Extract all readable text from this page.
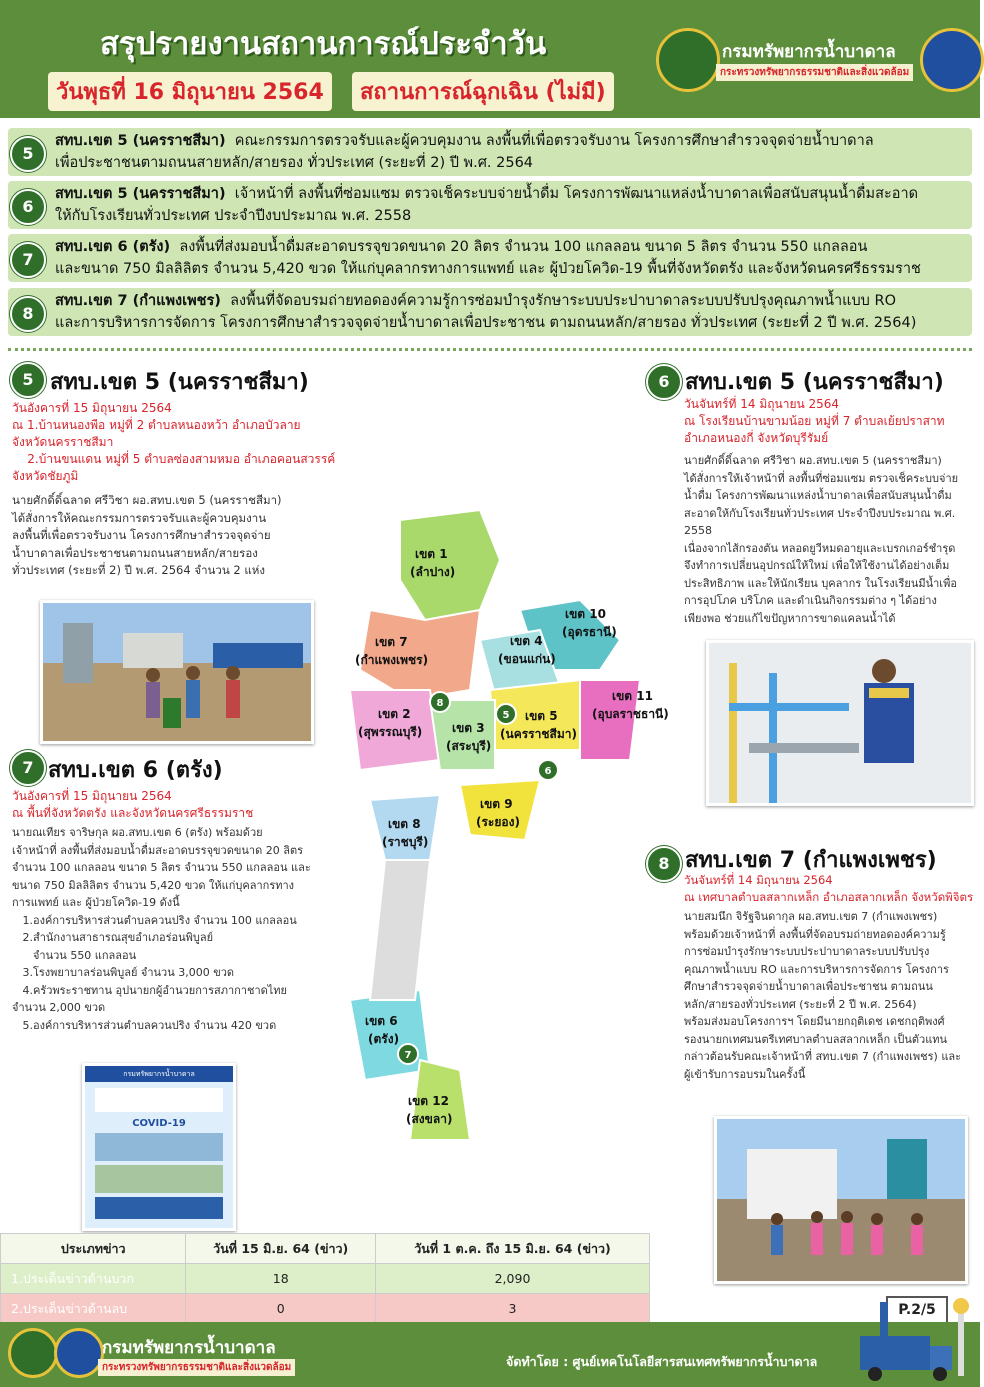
สรุปรายงานสถานการณ์ประจำวัน
วันพุธที่ 16 มิถุนายน 2564	สถานการณ์ฉุกเฉิน (ไม่มี)
กรมทรัพยากรน้ำบาดาล
กระทรวงทรัพยากรธรรมชาติและสิ่งแวดล้อม
5
สทบ.เขต 5 (นครราชสีมา) คณะกรรมการตรวจรับและผู้ควบคุมงาน ลงพื้นที่เพื่อตรวจรับงาน โครงการศึกษาสำรวจจุดจ่ายน้ำบาดาล
เพื่อประชาชนตามถนนสายหลัก/สายรอง ทั่วประเทศ (ระยะที่ 2) ปี พ.ศ. 2564
6
สทบ.เขต 5 (นครราชสีมา) เจ้าหน้าที่ ลงพื้นที่ซ่อมแซม ตรวจเช็คระบบจ่ายน้ำดื่ม โครงการพัฒนาแหล่งน้ำบาดาลเพื่อสนับสนุนน้ำดื่มสะอาด
ให้กับโรงเรียนทั่วประเทศ ประจำปีงบประมาณ พ.ศ. 2558
7
สทบ.เขต 6 (ตรัง) ลงพื้นที่ส่งมอบน้ำดื่มสะอาดบรรจุขวดขนาด 20 ลิตร จำนวน 100 แกลลอน ขนาด 5 ลิตร จำนวน 550 แกลลอน
และขนาด 750 มิลลิลิตร จำนวน 5,420 ขวด ให้แก่บุคลากรทางการแพทย์ และ ผู้ป่วยโควิด-19 พื้นที่จังหวัดตรัง และจังหวัดนครศรีธรรมราช
8
สทบ.เขต 7 (กำแพงเพชร) ลงพื้นที่จัดอบรมถ่ายทอดองค์ความรู้การซ่อมบำรุงรักษาระบบประปาบาดาลระบบปรับปรุงคุณภาพน้ำแบบ RO
และการบริหารการจัดการ โครงการศึกษาสำรวจจุดจ่ายน้ำบาดาลเพื่อประชาชน ตามถนนหลัก/สายรอง ทั่วประเทศ (ระยะที่ 2 ปี พ.ศ. 2564)
5 สทบ.เขต 5 (นครราชสีมา)
วันอังคารที่ 15 มิถุนายน 2564
ณ 1.บ้านหนองพือ หมู่ที่ 2 ตำบลหนองหว้า อำเภอบัวลาย
จังหวัดนครราชสีมา
2.บ้านขนแดน หมู่ที่ 5 ตำบลซ่องสามหมอ อำเภอคอนสวรรค์
จังหวัดชัยภูมิ
นายศักดิ์ดิ์ฉลาด ศรีวิชา ผอ.สทบ.เขต 5 (นครราชสีมา)
ได้สั่งการให้คณะกรรมการตรวจรับและผู้ควบคุมงาน
ลงพื้นที่เพื่อตรวจรับงาน โครงการศึกษาสำรวจจุดจ่าย
น้ำบาดาลเพื่อประชาชนตามถนนสายหลัก/สายรอง
ทั่วประเทศ (ระยะที่ 2) ปี พ.ศ. 2564 จำนวน 2 แห่ง
6 สทบ.เขต 5 (นครราชสีมา)
วันจันทร์ที่ 14 มิถุนายน 2564
ณ โรงเรียนบ้านขามน้อย หมู่ที่ 7 ตำบลเย้ยปราสาท
อำเภอหนองกี่ จังหวัดบุรีรัมย์
นายศักดิ์ดิ์ฉลาด ศรีวิชา ผอ.สทบ.เขต 5 (นครราชสีมา)
ได้สั่งการให้เจ้าหน้าที่ ลงพื้นที่ซ่อมแซม ตรวจเช็คระบบจ่าย
น้ำดื่ม โครงการพัฒนาแหล่งน้ำบาดาลเพื่อสนับสนุนน้ำดื่ม
สะอาดให้กับโรงเรียนทั่วประเทศ ประจำปีงบประมาณ พ.ศ. 2558
เนื่องจากไส้กรองตัน หลอดยูวีหมดอายุและเบรกเกอร์ชำรุด
จึงทำการเปลี่ยนอุปกรณ์ให้ใหม่ เพื่อให้ใช้งานได้อย่างเต็ม
ประสิทธิภาพ และให้นักเรียน บุคลากร ในโรงเรียนมีน้ำเพื่อ
การอุปโภค บริโภค และดำเนินกิจกรรมต่าง ๆ ได้อย่าง
เพียงพอ ช่วยแก้ไขปัญหาการขาดแคลนน้ำได้
7 สทบ.เขต 6 (ตรัง)
วันอังคารที่ 15 มิถุนายน 2564
ณ พื้นที่จังหวัดตรัง และจังหวัดนครศรีธรรมราช
นายณเทียร จาริษกุล ผอ.สทบ.เขต 6 (ตรัง) พร้อมด้วย
เจ้าหน้าที่ ลงพื้นที่ส่งมอบน้ำดื่มสะอาดบรรจุขวดขนาด 20 ลิตร
จำนวน 100 แกลลอน ขนาด 5 ลิตร จำนวน 550 แกลลอน และ
ขนาด 750 มิลลิลิตร จำนวน 5,420 ขวด ให้แก่บุคลากรทาง
การแพทย์ และ ผู้ป่วยโควิด-19 ดังนี้
1.องค์การบริหารส่วนตำบลควนปริง จำนวน 100 แกลลอน
2.สำนักงานสาธารณสุขอำเภอร่อนพิบูลย์
จำนวน 550 แกลลอน
3.โรงพยาบาลร่อนพิบูลย์ จำนวน 3,000 ขวด
4.ครัวพระราชทาน อุปนายกผู้อำนวยการสภากาชาดไทย
จำนวน 2,000 ขวด
5.องค์การบริหารส่วนตำบลควนปริง จำนวน 420 ขวด
กรมทรัพยากรน้ำบาดาล
COVID-19
8 สทบ.เขต 7 (กำแพงเพชร)
วันจันทร์ที่ 14 มิถุนายน 2564
ณ เทศบาลตำบลสลากเหล็ก อำเภอสลากเหล็ก จังหวัดพิจิตร
นายสมนึก จิรัฐจินดากุล ผอ.สทบ.เขต 7 (กำแพงเพชร)
พร้อมด้วยเจ้าหน้าที่ ลงพื้นที่จัดอบรมถ่ายทอดองค์ความรู้
การซ่อมบำรุงรักษาระบบประปาบาดาลระบบปรับปรุง
คุณภาพน้ำแบบ RO และการบริหารการจัดการ โครงการ
ศึกษาสำรวจจุดจ่ายน้ำบาดาลเพื่อประชาชน ตามถนน
หลัก/สายรองทั่วประเทศ (ระยะที่ 2 ปี พ.ศ. 2564)
พร้อมส่งมอบโครงการฯ โดยมีนายกฤติเดช เดชกฤติพงศ์
รองนายกเทศมนตรีเทศบาลตำบลสลากเหล็ก เป็นตัวแทน
กล่าวต้อนรับคณะเจ้าหน้าที่ สทบ.เขต 7 (กำแพงเพชร) และ
ผู้เข้ารับการอบรมในครั้งนี้
เขต 1
(ลำปาง)
เขต 7
(กำแพงเพชร)
เขต 10
(อุดรธานี)
เขต 4
(ขอนแก่น)
เขต 11
(อุบลราชธานี)
เขต 5
(นครราชสีมา)
เขต 2
(สุพรรณบุรี) เขต 3
(สระบุรี)
เขต 9
(ระยอง)
เขต 8
(ราชบุรี)
เขต 6
(ตรัง)
เขต 12
(สงขลา)
8
5
6
7
ประเภทข่าว	วันที่ 15 มิ.ย. 64 (ข่าว)	วันที่ 1 ต.ค. ถึง 15 มิ.ย. 64 (ข่าว)
1.ประเด็นข่าวด้านบวก	18	2,090
2.ประเด็นข่าวด้านลบ	0	3	P.2/5
กรมทรัพยากรน้ำบาดาล
กระทรวงทรัพยากรธรรมชาติและสิ่งแวดล้อม	จัดทำโดย : ศูนย์เทคโนโลยีสารสนเทศทรัพยากรน้ำบาดาล
